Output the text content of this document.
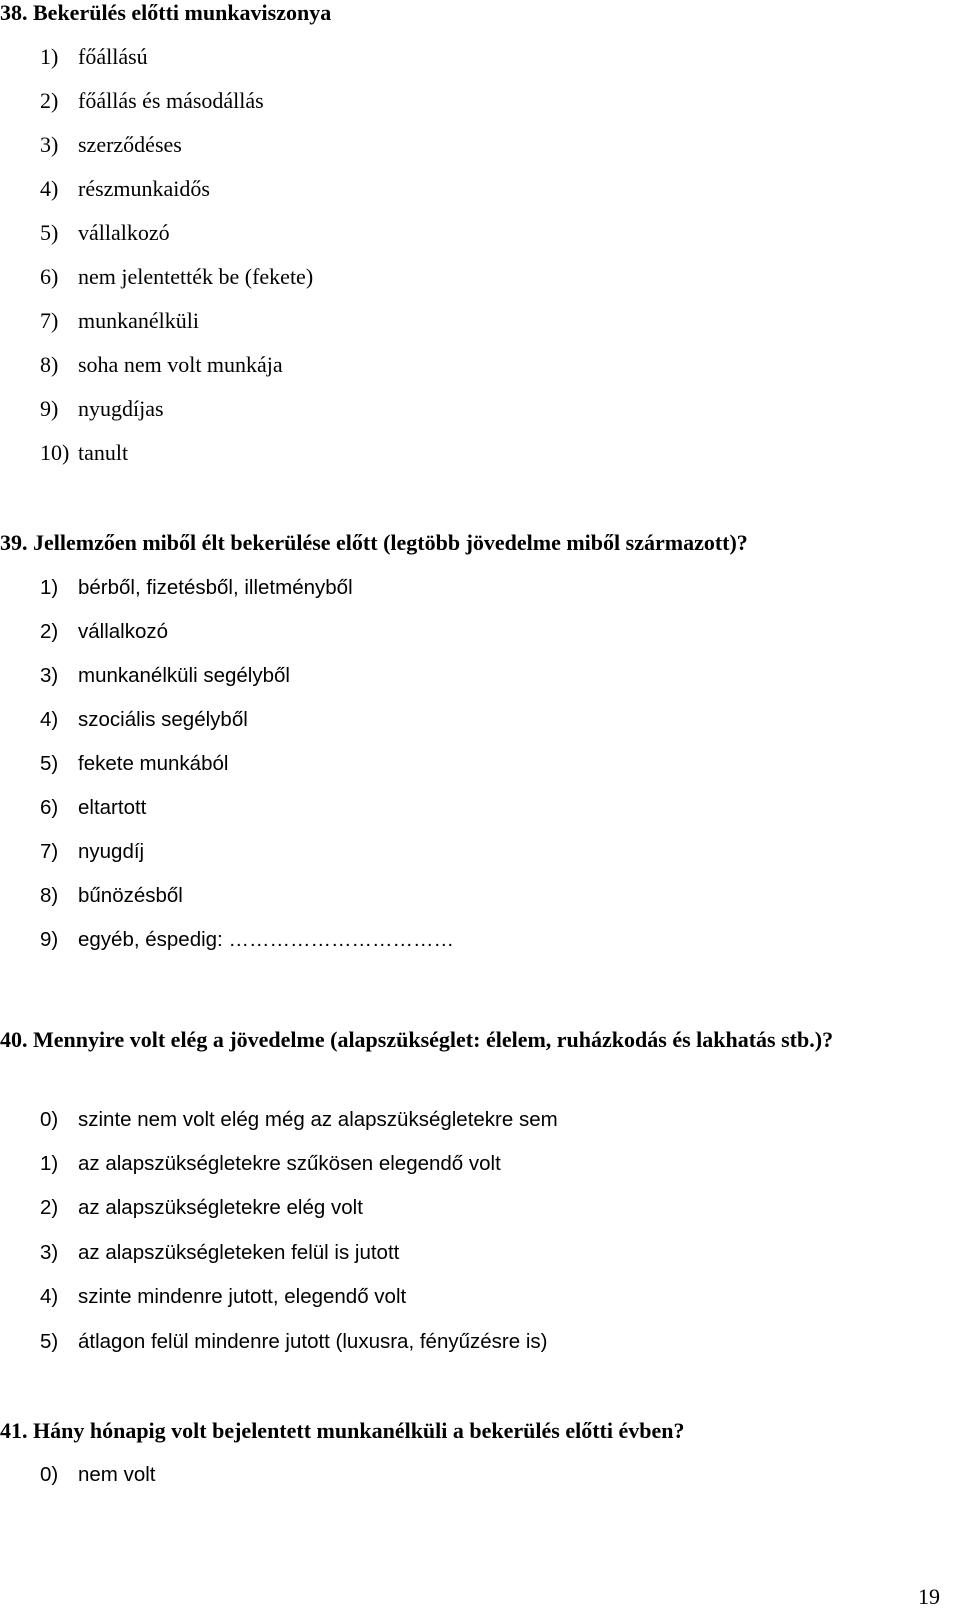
38. Bekerülés előtti munkaviszonya
1) főállású
2) főállás és másodállás
3) szerződéses
4) részmunkaidős
5) vállalkozó
6) nem jelentették be (fekete)
7) munkanélküli
8) soha nem volt munkája
9) nyugdíjas
10) tanult
39. Jellemzően miből élt bekerülése előtt (legtöbb jövedelme miből származott)?
1) bérből, fizetésből, illetményből
2) vállalkozó
3) munkanélküli segélyből
4) szociális segélyből
5) fekete munkából
6) eltartott
7) nyugdíj
8) bűnözésből
9) egyéb, éspedig: ……………………………
40. Mennyire volt elég a jövedelme (alapszükséglet: élelem, ruházkodás és lakhatás stb.)?
0) szinte nem volt elég még az alapszükségletekre sem
1) az alapszükségletekre szűkösen elegendő volt
2) az alapszükségletekre elég volt
3) az alapszükségleteken felül is jutott
4) szinte mindenre jutott, elegendő volt
5) átlagon felül mindenre jutott (luxusra, fényűzésre is)
41. Hány hónapig volt bejelentett munkanélküli a bekerülés előtti évben?
0) nem volt
19
